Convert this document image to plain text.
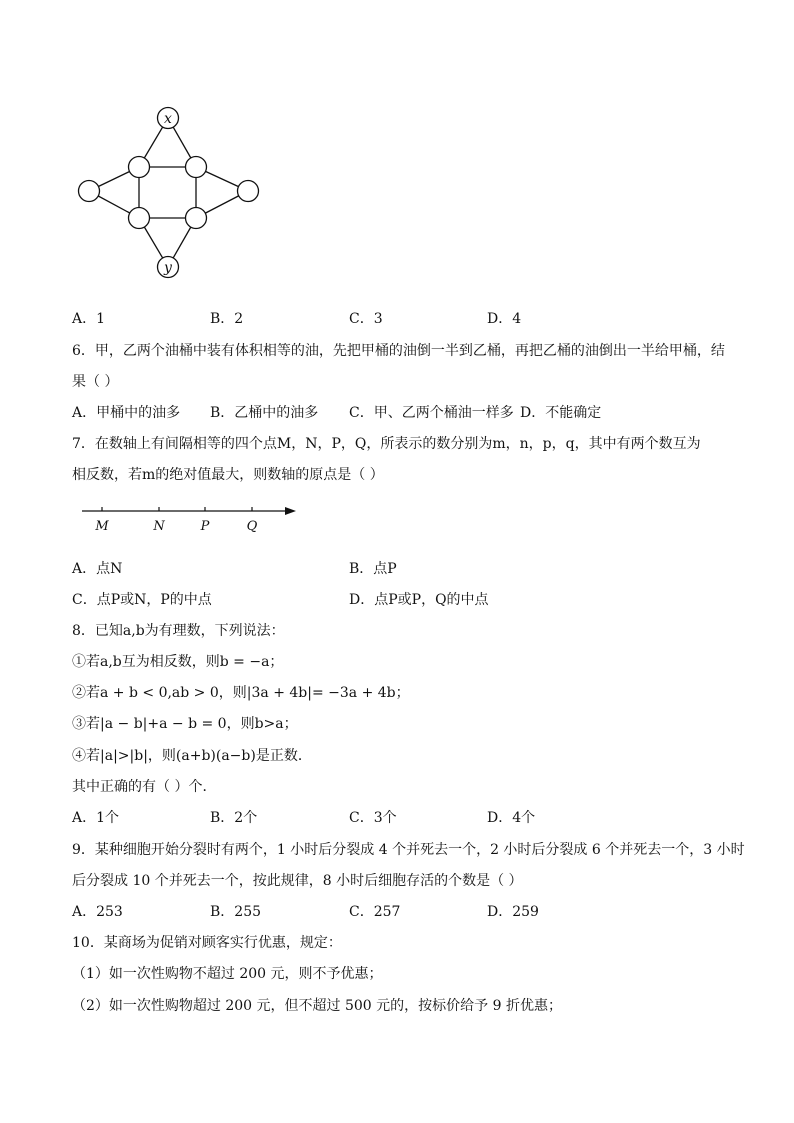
x
y
A．1	B．2	C．3	D．4
6．甲，乙两个油桶中装有体积相等的油，先把甲桶的油倒一半到乙桶，再把乙桶的油倒出一半给甲桶，结
果（ ）
A．甲桶中的油多 B．乙桶中的油多 C．甲、乙两个桶油一样多 D．不能确定
7．在数轴上有间隔相等的四个点M，N，P，Q，所表示的数分别为m，n，p，q，其中有两个数互为
相反数，若m的绝对值最大，则数轴的原点是（ ）
M	N	P	Q
A．点N	B．点P
C．点P或N，P的中点	D．点P或P，Q的中点
8．已知a,b为有理数，下列说法：
①若a,b互为相反数，则b = −a；
②若a + b < 0,ab > 0，则|3a + 4b|= −3a + 4b；
③若|a − b|+a − b = 0，则b>a；
④若|a|>|b|，则(a+b)(a−b)是正数．
其中正确的有（ ）个．
A．1个	B．2个	C．3个	D．4个
9．某种细胞开始分裂时有两个，1 小时后分裂成 4 个并死去一个，2 小时后分裂成 6 个并死去一个，3 小时
后分裂成 10 个并死去一个，按此规律，8 小时后细胞存活的个数是（ ）
A．253	B．255	C．257	D．259
10．某商场为促销对顾客实行优惠，规定：
（1）如一次性购物不超过 200 元，则不予优惠；
（2）如一次性购物超过 200 元，但不超过 500 元的，按标价给予 9 折优惠；
